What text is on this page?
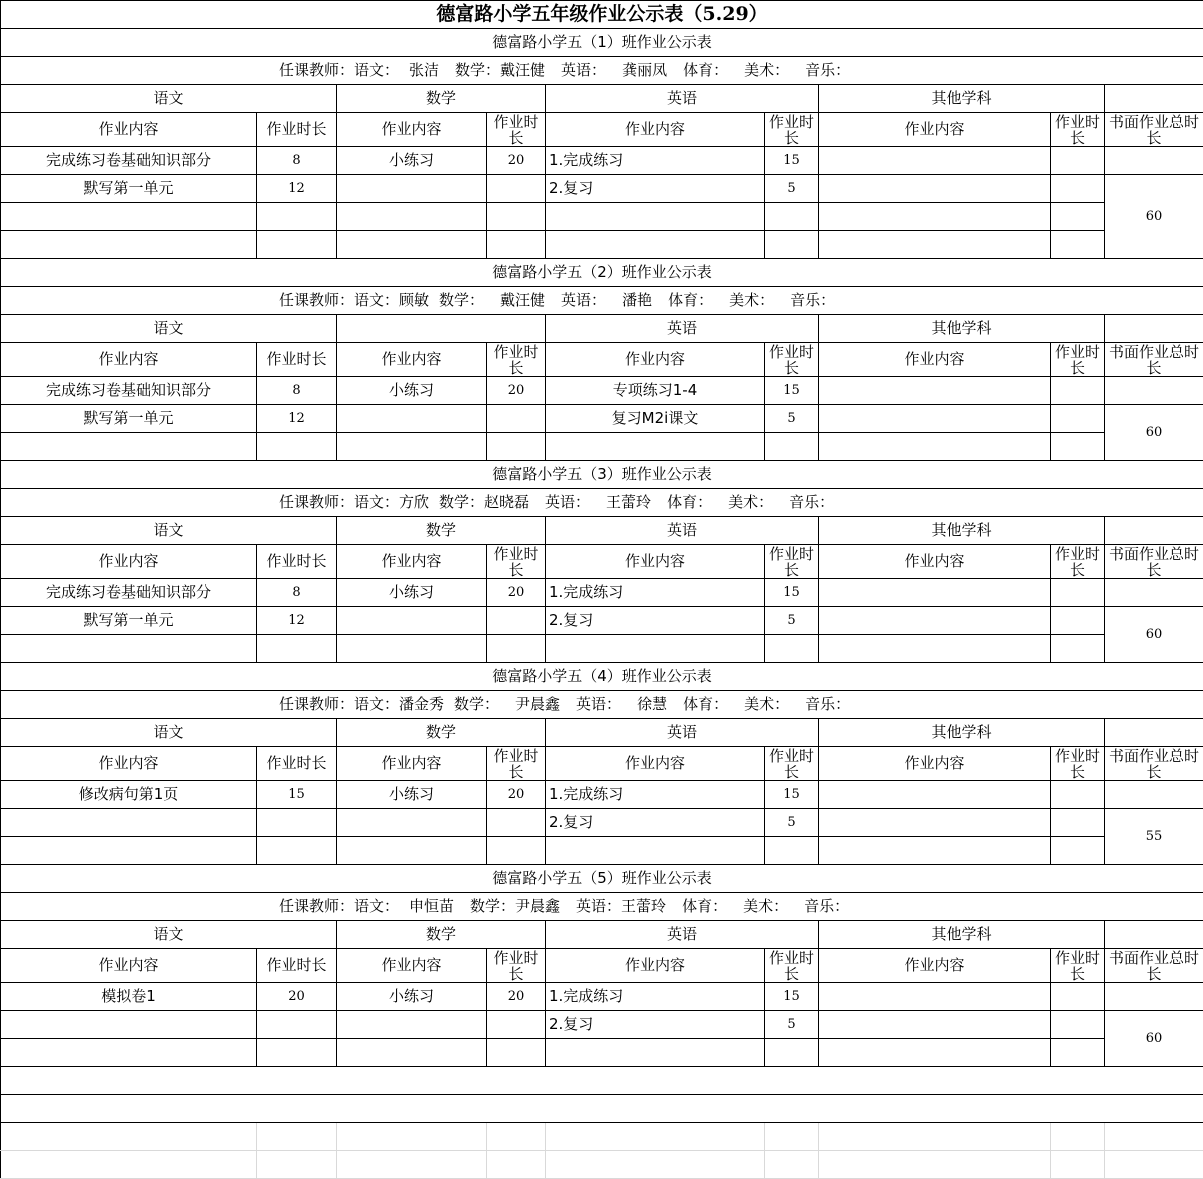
德富路小学五年级作业公示表（5.29）								
德富路小学五（1）班作业公示表								
任课教师：语文： 张洁 数学：戴汪健 英语： 龚丽凤 体育： 美术： 音乐：								
语文		数学		英语		其他学科		
作业内容	作业时长	作业内容	作业时长	作业内容	作业时长	作业内容	作业时长	书面作业总时长
完成练习卷基础知识部分	8	小练习	20	1.完成练习	15			
默写第一单元	12			2.复习	5			60

德富路小学五（2）班作业公示表								
任课教师：语文：顾敏 数学： 戴汪健 英语： 潘艳 体育： 美术： 音乐：								
语文				英语		其他学科		
作业内容	作业时长	作业内容	作业时长	作业内容	作业时长	作业内容	作业时长	书面作业总时长
完成练习卷基础知识部分	8	小练习	20	专项练习1-4	15			
默写第一单元	12			复习M2i课文	5			60

德富路小学五（3）班作业公示表								
任课教师：语文：方欣 数学：赵晓磊 英语： 王蕾玲 体育： 美术： 音乐：								
语文		数学		英语		其他学科		
作业内容	作业时长	作业内容	作业时长	作业内容	作业时长	作业内容	作业时长	书面作业总时长
完成练习卷基础知识部分	8	小练习	20	1.完成练习	15			
默写第一单元	12			2.复习	5			60

德富路小学五（4）班作业公示表								
任课教师：语文：潘金秀 数学： 尹晨鑫 英语： 徐慧 体育： 美术： 音乐：								
语文		数学		英语		其他学科		
作业内容	作业时长	作业内容	作业时长	作业内容	作业时长	作业内容	作业时长	书面作业总时长
修改病句第1页	15	小练习	20	1.完成练习	15			
				2.复习	5			55

德富路小学五（5）班作业公示表								
任课教师：语文： 申恒苗 数学：尹晨鑫 英语：王蕾玲 体育： 美术： 音乐：								
语文		数学		英语		其他学科		
作业内容	作业时长	作业内容	作业时长	作业内容	作业时长	作业内容	作业时长	书面作业总时长
模拟卷1	20	小练习	20	1.完成练习	15			
				2.复习	5			60
